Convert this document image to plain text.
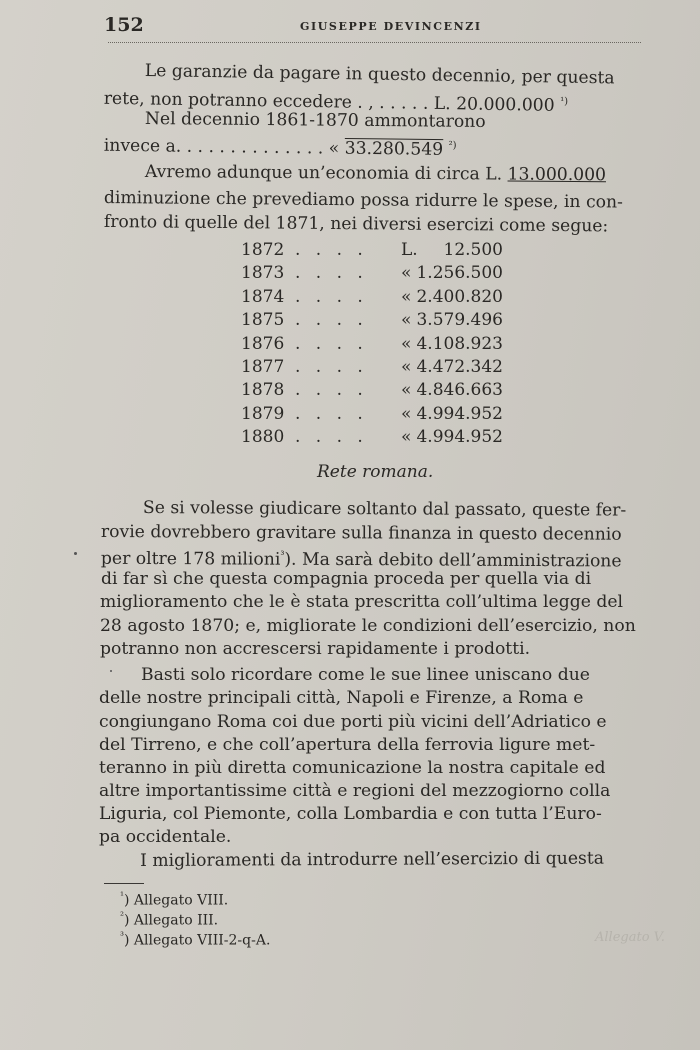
152	GIUSEPPE DEVINCENZI
Le garanzie da pagare in questo decennio, per questa
rete, non potranno eccedere . , . . . . . L. 20.000.000 $^{^1)}$
Nel decennio 1861-1870 ammontarono
invece a. . . . . . . . . . . . . . « 33.280.549 $^{^2)}$
Avremo adunque un’economia di circa L. 13.000.000
diminuzione che prevediamo possa ridurre le spese, in con-
fronto di quelle del 1871, nei diversi esercizi come segue:
1872 . . . . L. 12.500
1873 . . . . « 1.256.500
1874 . . . . « 2.400.820
1875 . . . . « 3.579.496
1876 . . . . « 4.108.923
1877 . . . . « 4.472.342
1878 . . . . « 4.846.663
1879 . . . . « 4.994.952
1880 . . . . « 4.994.952
Rete romana.
Se si volesse giudicare soltanto dal passato, queste fer-
rovie dovrebbero gravitare sulla finanza in questo decennio
per oltre 178 milioni$^{^3}$). Ma sarà debito dell’amministrazione
di far sì che questa compagnia proceda per quella via di
miglioramento che le è stata prescritta coll’ultima legge del
28 agosto 1870; e, migliorate le condizioni dell’esercizio, non
potranno non accrescersi rapidamente i prodotti.
Basti solo ricordare come le sue linee uniscano due
delle nostre principali città, Napoli e Firenze, a Roma e
congiungano Roma coi due porti più vicini dell’Adriatico e
del Tirreno, e che coll’apertura della ferrovia ligure met-
teranno in più diretta comunicazione la nostra capitale ed
altre importantissime città e regioni del mezzogiorno colla
Liguria, col Piemonte, colla Lombardia e con tutta l’Euro-
pa occidentale.
I miglioramenti da introdurre nell’esercizio di questa
$^{^1}$) Allegato VIII.
$^{^2}$) Allegato III.
$^{^3}$) Allegato VIII-2-q-A.	Allegato V.
